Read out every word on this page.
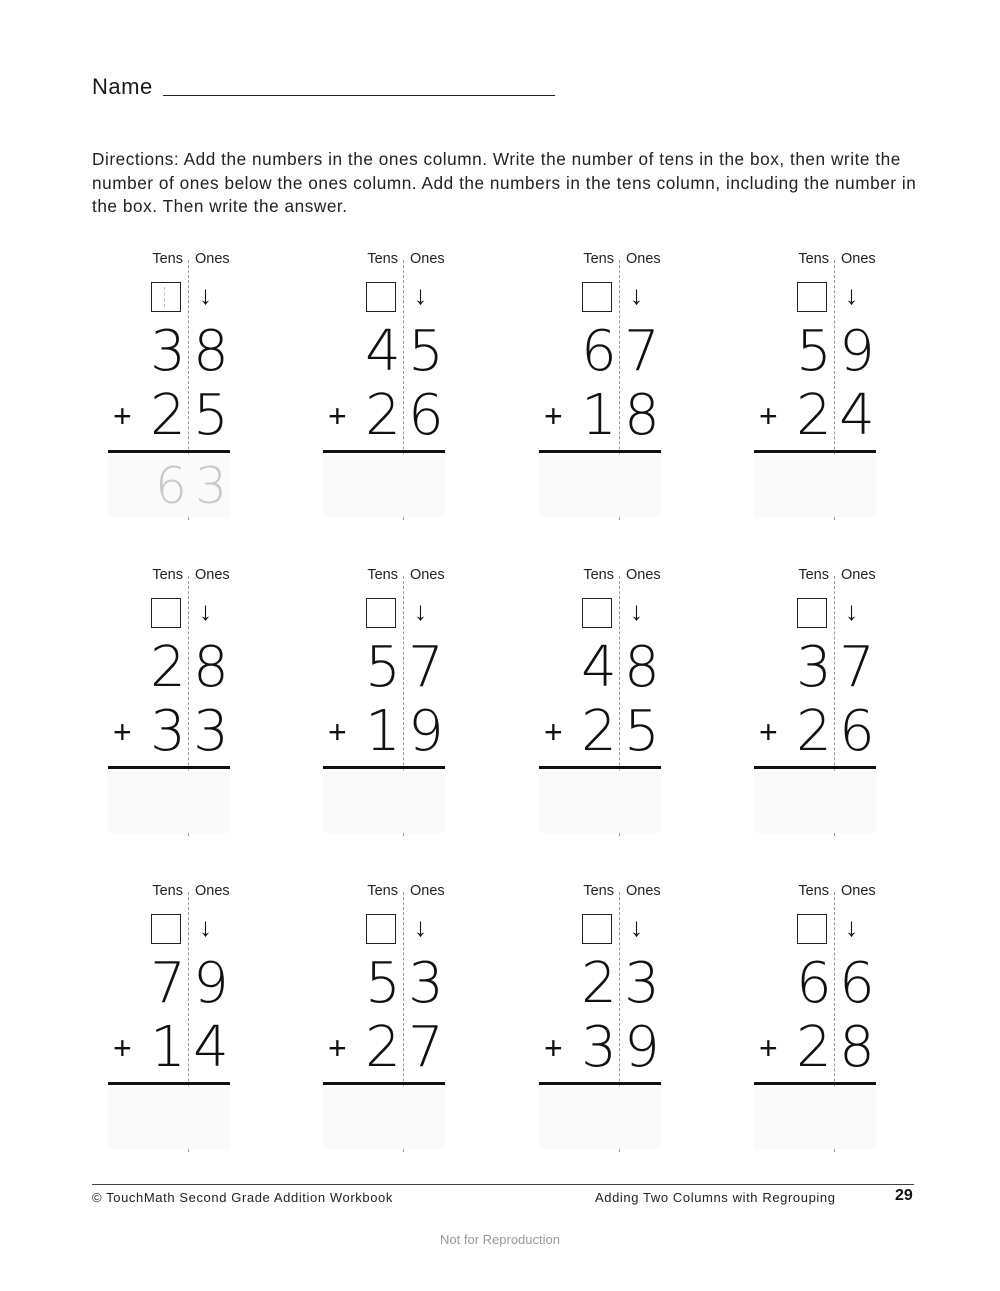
Name
Directions: Add the numbers in the ones column. Write the number of tens in the box, then write the number of ones below the ones column. Add the numbers in the tens column, including the number in the box. Then write the answer.
Tens Ones
↓
3 8
+ 2 5
6 3
Tens Ones
↓
4 5
+ 2 6
Tens Ones
↓
6 7
+ 1 8
Tens Ones
↓
5 9
+ 2 4
Tens Ones
↓
2 8
+ 3 3
Tens Ones
↓
5 7
+ 1 9
Tens Ones
↓
4 8
+ 2 5
Tens Ones
↓
3 7
+ 2 6
Tens Ones
↓
7 9
+ 1 4
Tens Ones
↓
5 3
+ 2 7
Tens Ones
↓
2 3
+ 3 9
Tens Ones
↓
6 6
+ 2 8
© TouchMath Second Grade Addition Workbook	Adding Two Columns with Regrouping	29
Not for Reproduction
